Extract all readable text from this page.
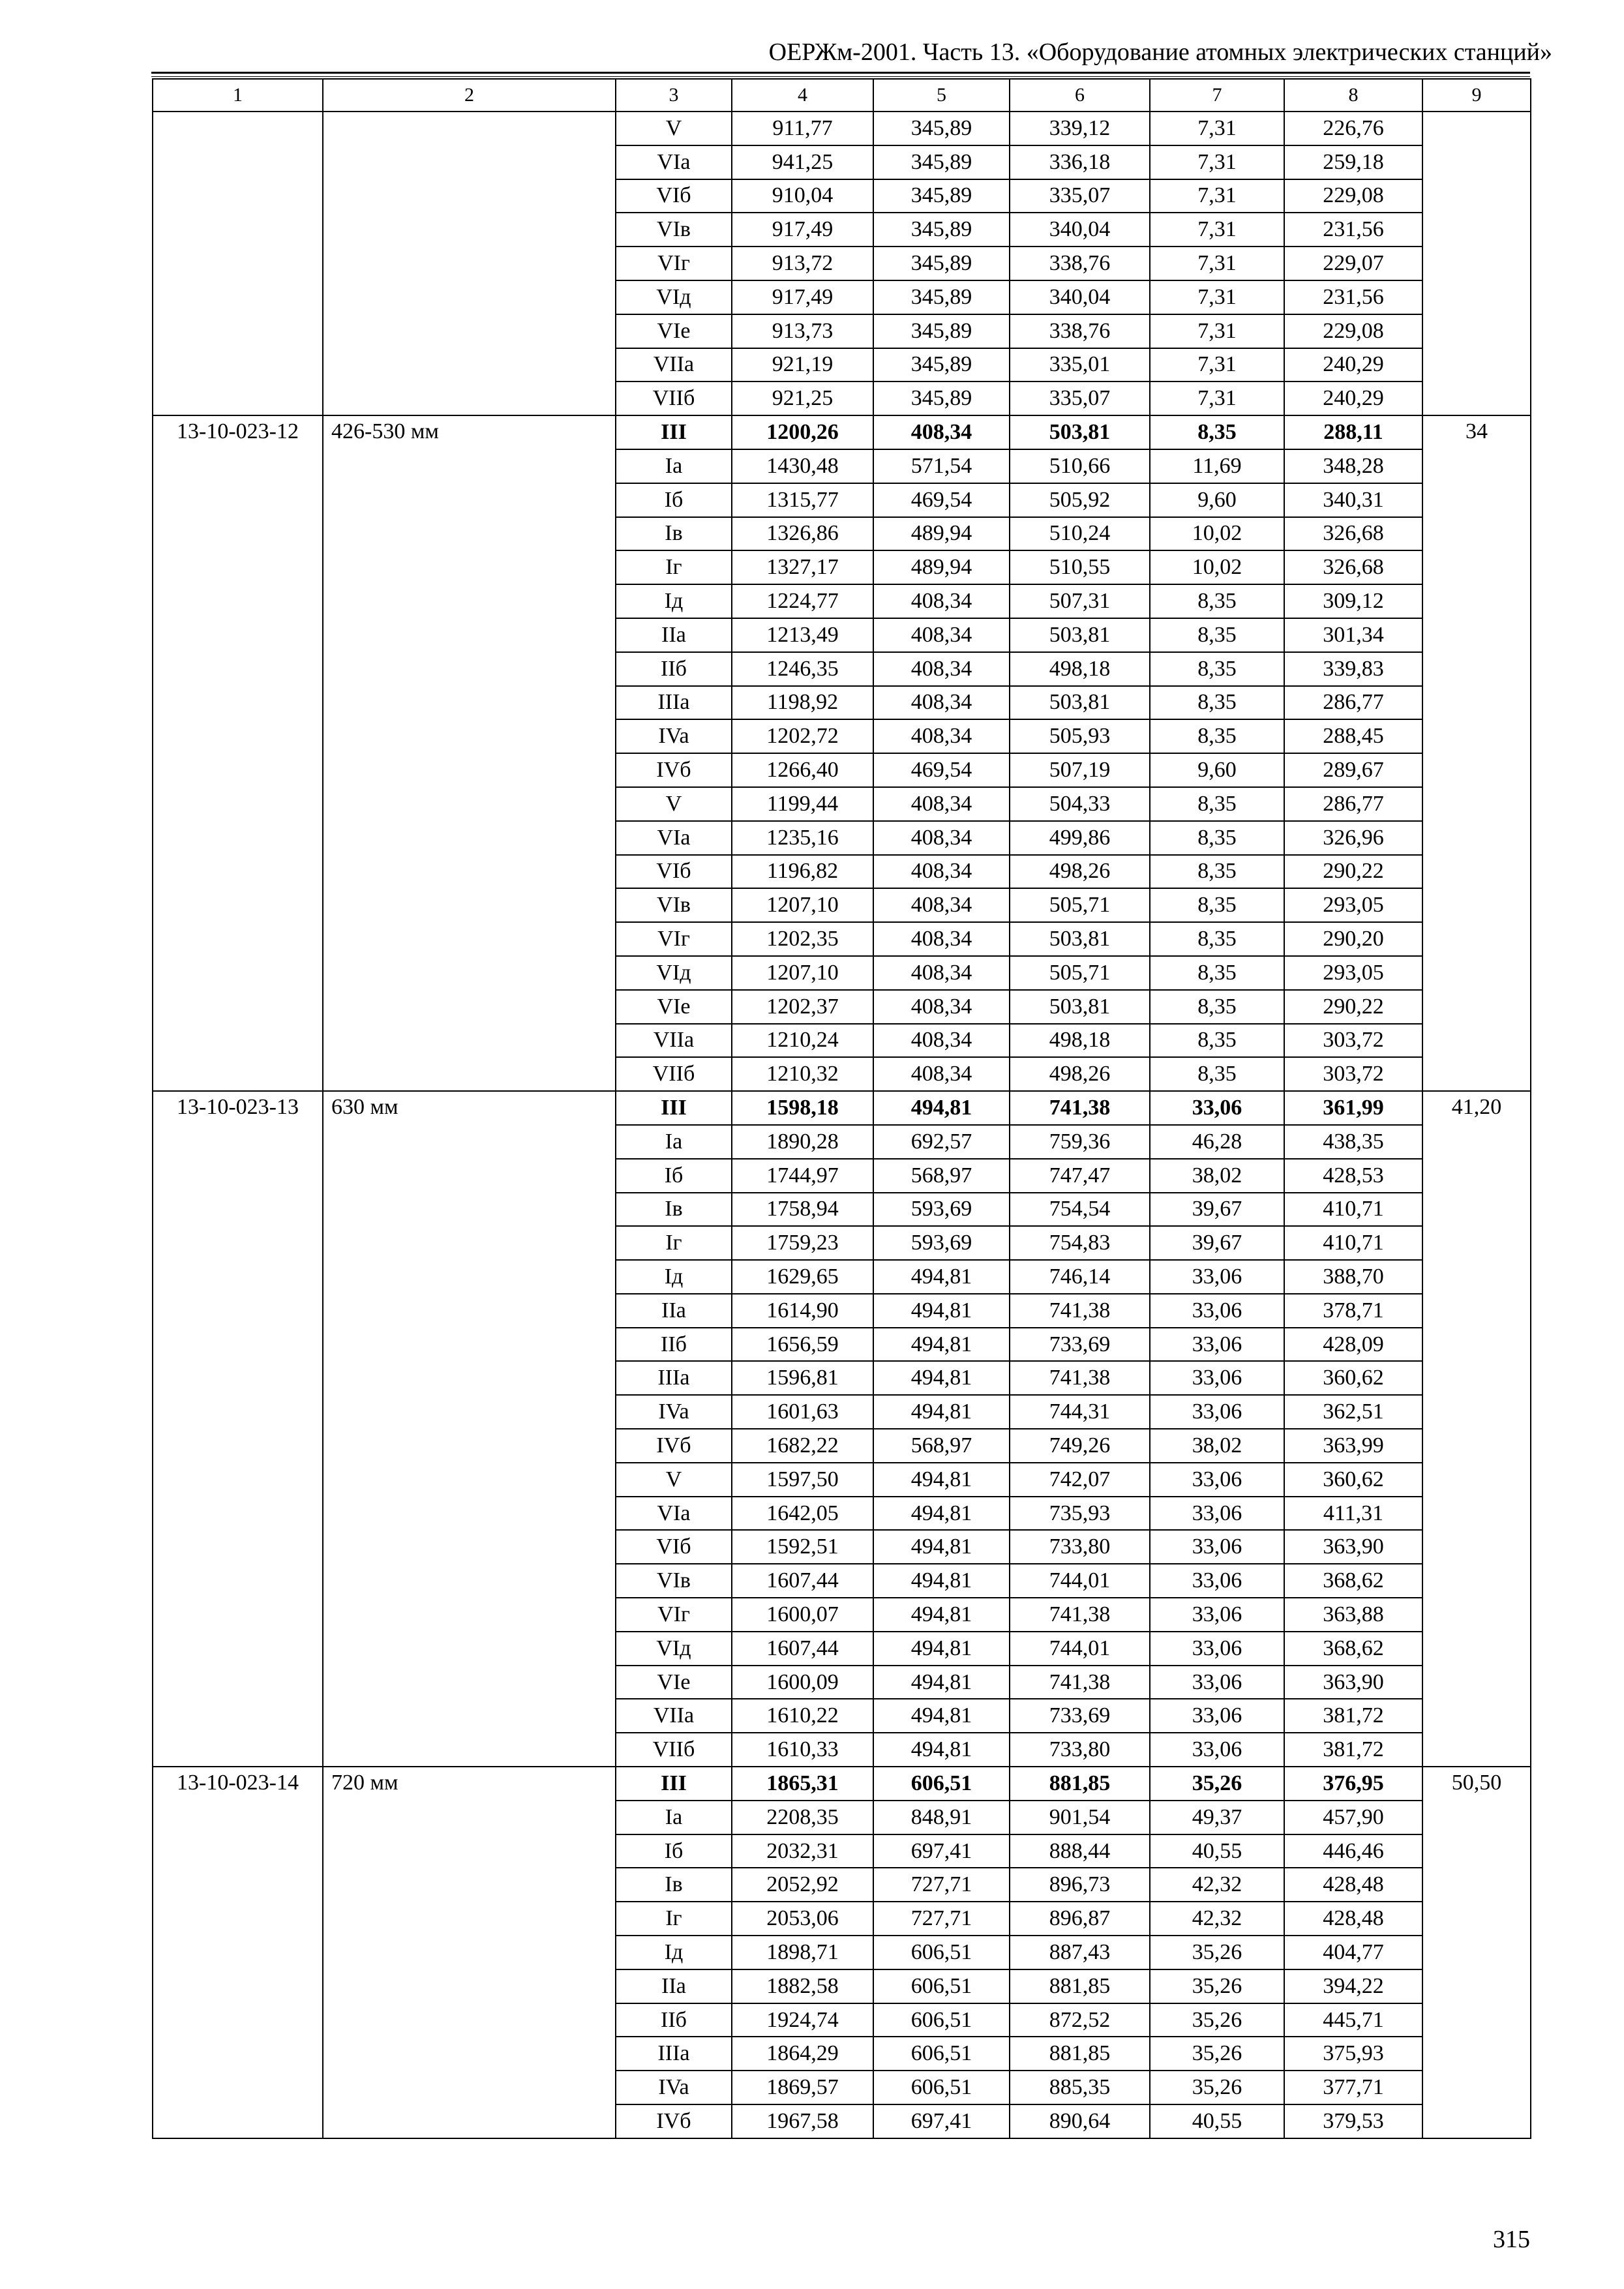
ОЕРЖм-2001. Часть 13. «Оборудование атомных электрических станций»
1	2	3	4	5	6	7	8	9
		V	911,77	345,89	339,12	7,31	226,76	
		VIa	941,25	345,89	336,18	7,31	259,18	
		VIб	910,04	345,89	335,07	7,31	229,08	
		VIв	917,49	345,89	340,04	7,31	231,56	
		VIг	913,72	345,89	338,76	7,31	229,07	
		VIд	917,49	345,89	340,04	7,31	231,56	
		VIe	913,73	345,89	338,76	7,31	229,08	
		VIIa	921,19	345,89	335,01	7,31	240,29	
		VIIб	921,25	345,89	335,07	7,31	240,29	
13-10-023-12	426-530 мм	III	1200,26	408,34	503,81	8,35	288,11	34
		Ia	1430,48	571,54	510,66	11,69	348,28	
		Iб	1315,77	469,54	505,92	9,60	340,31	
		Iв	1326,86	489,94	510,24	10,02	326,68	
		Iг	1327,17	489,94	510,55	10,02	326,68	
		Iд	1224,77	408,34	507,31	8,35	309,12	
		IIa	1213,49	408,34	503,81	8,35	301,34	
		IIб	1246,35	408,34	498,18	8,35	339,83	
		IIIa	1198,92	408,34	503,81	8,35	286,77	
		IVa	1202,72	408,34	505,93	8,35	288,45	
		IVб	1266,40	469,54	507,19	9,60	289,67	
		V	1199,44	408,34	504,33	8,35	286,77	
		VIa	1235,16	408,34	499,86	8,35	326,96	
		VIб	1196,82	408,34	498,26	8,35	290,22	
		VIв	1207,10	408,34	505,71	8,35	293,05	
		VIг	1202,35	408,34	503,81	8,35	290,20	
		VIд	1207,10	408,34	505,71	8,35	293,05	
		VIe	1202,37	408,34	503,81	8,35	290,22	
		VIIa	1210,24	408,34	498,18	8,35	303,72	
		VIIб	1210,32	408,34	498,26	8,35	303,72	
13-10-023-13	630 мм	III	1598,18	494,81	741,38	33,06	361,99	41,20
		Ia	1890,28	692,57	759,36	46,28	438,35	
		Iб	1744,97	568,97	747,47	38,02	428,53	
		Iв	1758,94	593,69	754,54	39,67	410,71	
		Iг	1759,23	593,69	754,83	39,67	410,71	
		Iд	1629,65	494,81	746,14	33,06	388,70	
		IIa	1614,90	494,81	741,38	33,06	378,71	
		IIб	1656,59	494,81	733,69	33,06	428,09	
		IIIa	1596,81	494,81	741,38	33,06	360,62	
		IVa	1601,63	494,81	744,31	33,06	362,51	
		IVб	1682,22	568,97	749,26	38,02	363,99	
		V	1597,50	494,81	742,07	33,06	360,62	
		VIa	1642,05	494,81	735,93	33,06	411,31	
		VIб	1592,51	494,81	733,80	33,06	363,90	
		VIв	1607,44	494,81	744,01	33,06	368,62	
		VIг	1600,07	494,81	741,38	33,06	363,88	
		VIд	1607,44	494,81	744,01	33,06	368,62	
		VIe	1600,09	494,81	741,38	33,06	363,90	
		VIIa	1610,22	494,81	733,69	33,06	381,72	
		VIIб	1610,33	494,81	733,80	33,06	381,72	
13-10-023-14	720 мм	III	1865,31	606,51	881,85	35,26	376,95	50,50
		Ia	2208,35	848,91	901,54	49,37	457,90	
		Iб	2032,31	697,41	888,44	40,55	446,46	
		Iв	2052,92	727,71	896,73	42,32	428,48	
		Iг	2053,06	727,71	896,87	42,32	428,48	
		Iд	1898,71	606,51	887,43	35,26	404,77	
		IIa	1882,58	606,51	881,85	35,26	394,22	
		IIб	1924,74	606,51	872,52	35,26	445,71	
		IIIa	1864,29	606,51	881,85	35,26	375,93	
		IVa	1869,57	606,51	885,35	35,26	377,71	
		IVб	1967,58	697,41	890,64	40,55	379,53	
315
